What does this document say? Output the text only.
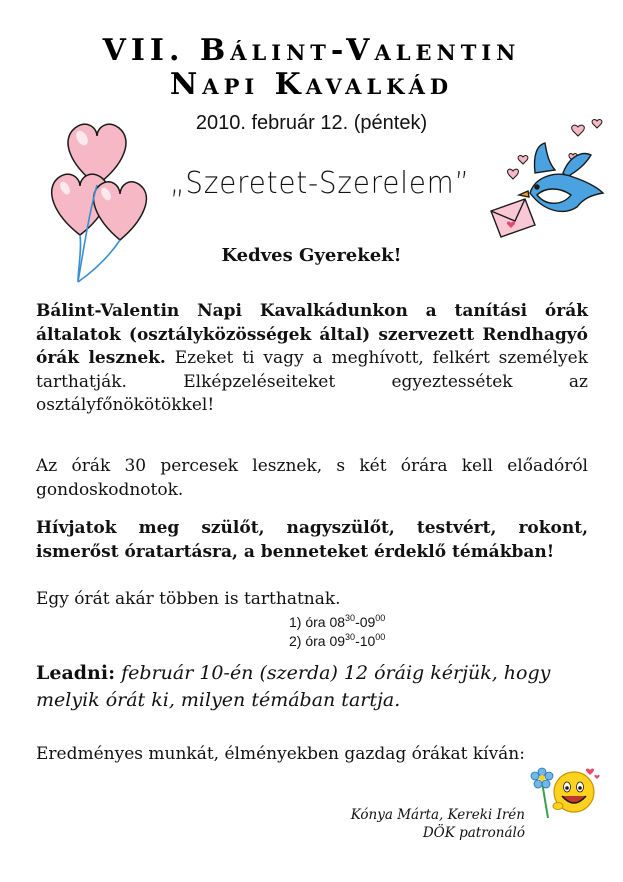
VII. Bálint-Valentin
Napi Kavalkád
2010. február 12. (péntek)
„Szeretet-Szerelem”
Kedves Gyerekek!
Bálint-Valentin Napi Kavalkádunkon a tanítási órák általatok (osztályközösségek által) szervezett Rendhagyó órák lesznek. Ezeket ti vagy a meghívott, felkért személyek tarthatják. Elképzeléseiteket egyeztessétek az osztályfőnökötökkel!
Az órák 30 percesek lesznek, s két órára kell előadóról gondoskodnotok.
Hívjatok meg szülőt, nagyszülőt, testvért, rokont, ismerőst óratartásra, a benneteket érdeklő témákban!
Egy órát akár többen is tarthatnak.
1) óra $08^{30}-09^{00}$
2) óra $09^{30}-10^{00}$
Leadni: február 10-én (szerda) 12 óráig kérjük, hogy melyik órát ki, milyen témában tartja.
Eredményes munkát, élményekben gazdag órákat kíván:
Kónya Márta, Kereki Irén
DÖK patronáló
